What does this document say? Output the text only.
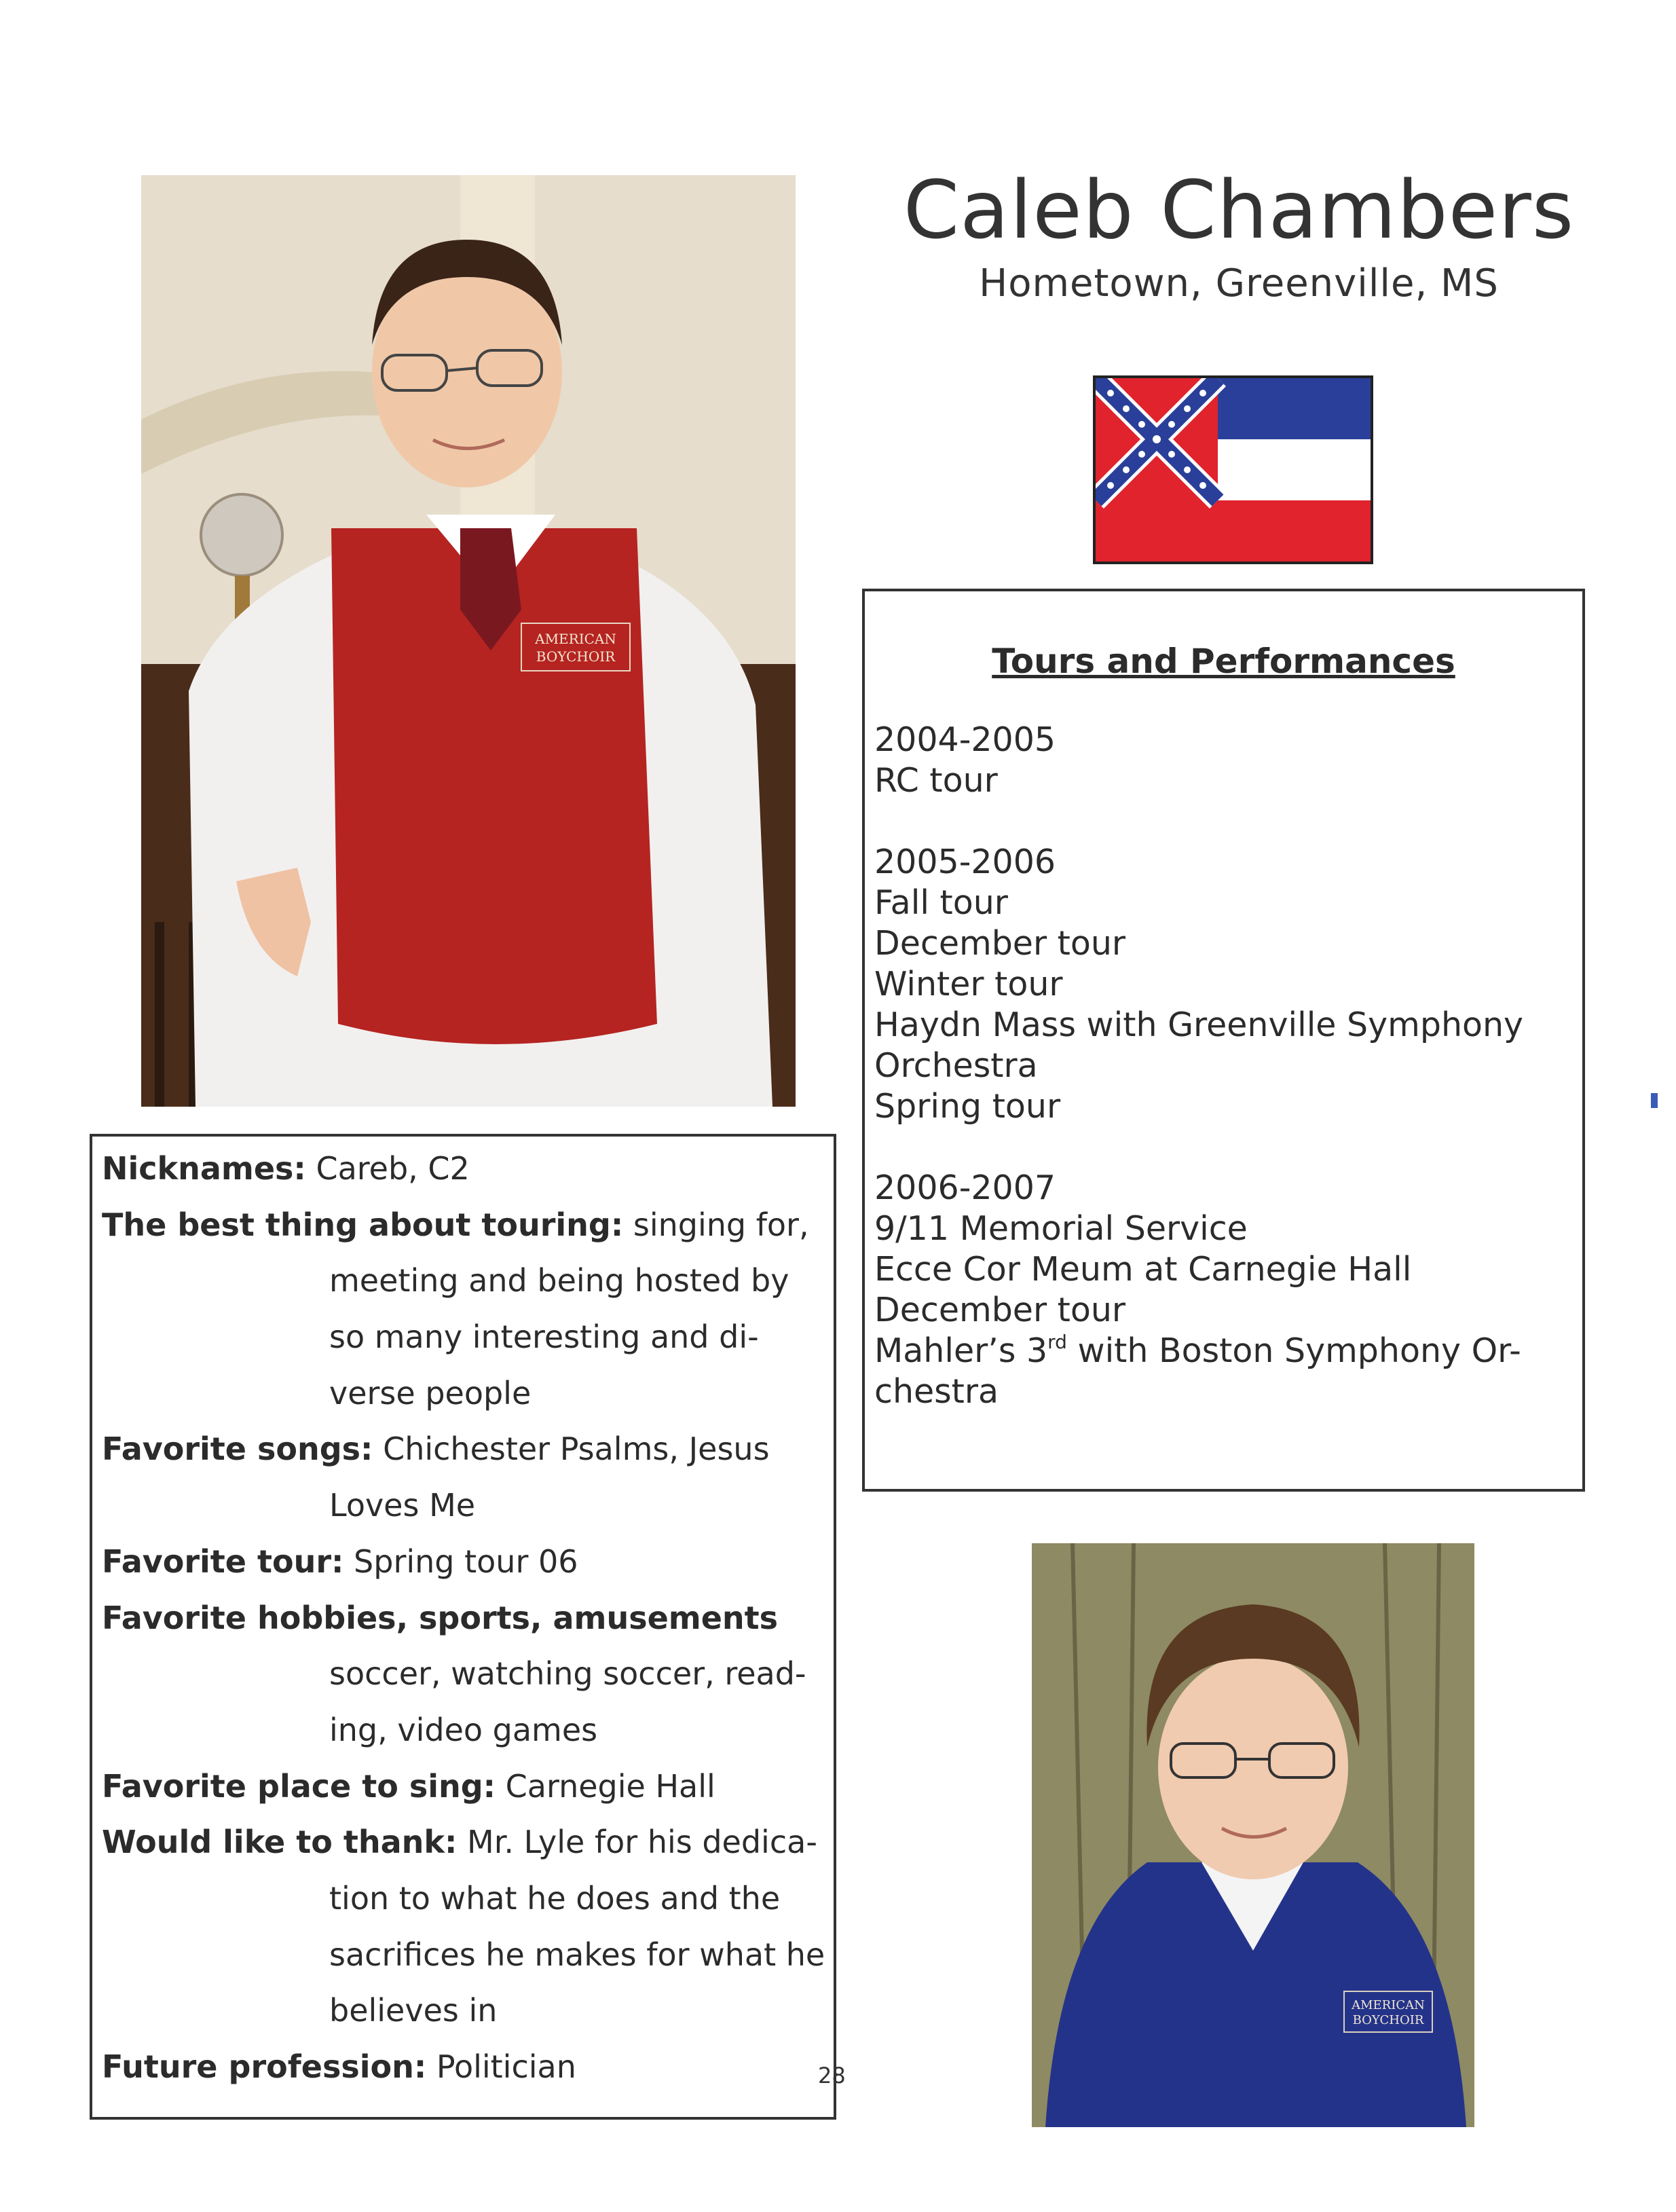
Caleb Chambers
Hometown, Greenville, MS
AMERICAN
BOYCHOIR	Tours and Performances
2004-2005
RC tour
2005-2006
Fall tour
December tour
Winter tour
Haydn Mass with Greenville Symphony
Orchestra
Spring tour
2006-2007
9/11 Memorial Service
Ecce Cor Meum at Carnegie Hall
December tour
Mahler’s 3rd with Boston Symphony Or-
chestra
Nicknames: Careb, C2
The best thing about touring: singing for,
meeting and being hosted by
so many interesting and di-
verse people
Favorite songs: Chichester Psalms, Jesus
Loves Me
Favorite tour: Spring tour 06
Favorite hobbies, sports, amusements
soccer, watching soccer, read-
ing, video games
Favorite place to sing: Carnegie Hall
Would like to thank: Mr. Lyle for his dedica-
tion to what he does and the
sacrifices he makes for what he
believes in
Future profession: Politician	28
AMERICAN
BOYCHOIR
